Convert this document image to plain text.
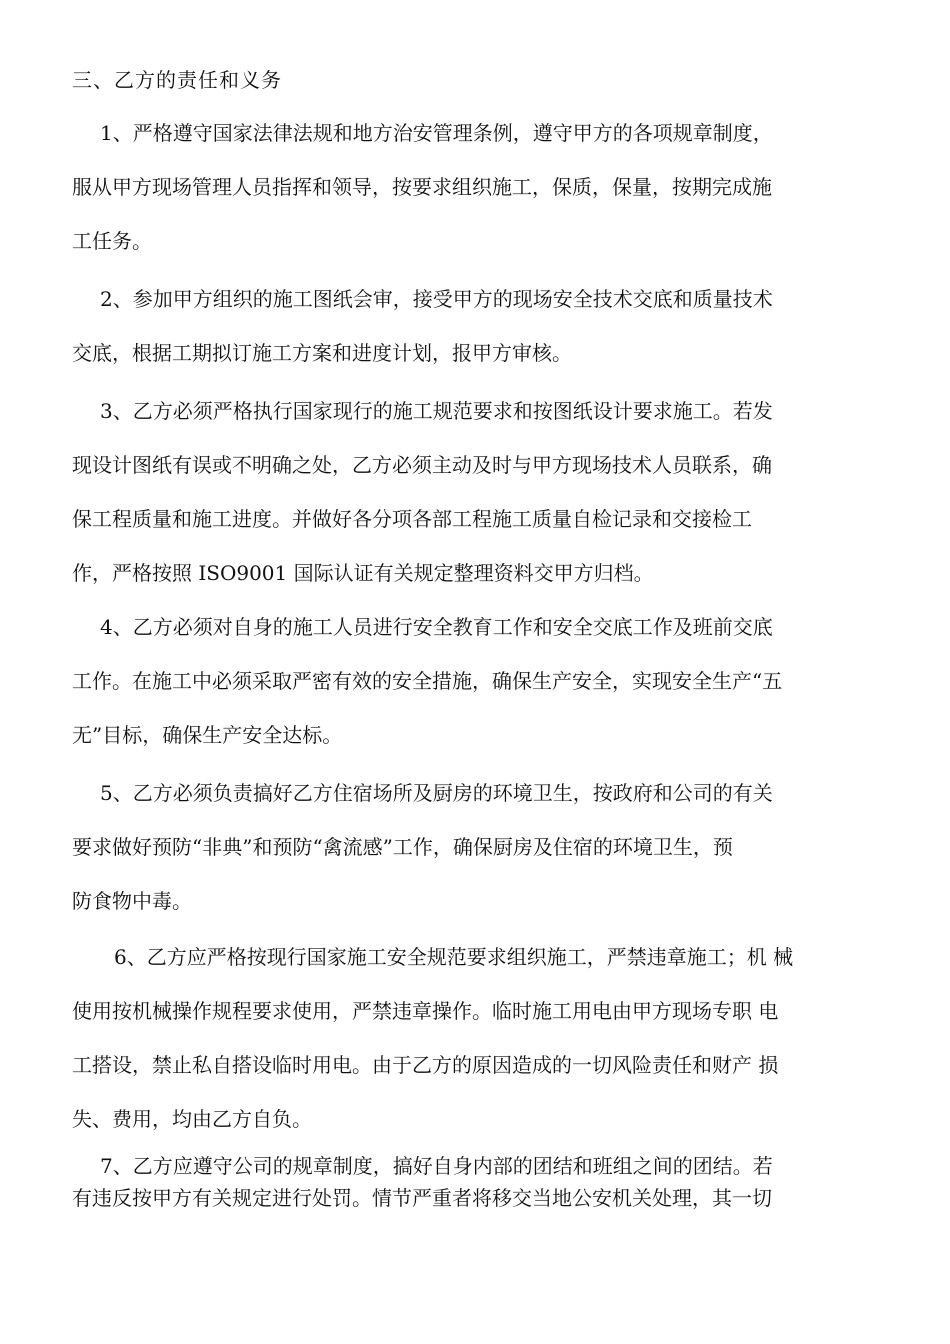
三、乙方的责任和义务
1、严格遵守国家法律法规和地方治安管理条例，遵守甲方的各项规章制度，
服从甲方现场管理人员指挥和领导，按要求组织施工，保质，保量，按期完成施
工任务。
2、参加甲方组织的施工图纸会审，接受甲方的现场安全技术交底和质量技术
交底，根据工期拟订施工方案和进度计划，报甲方审核。
3、乙方必须严格执行国家现行的施工规范要求和按图纸设计要求施工。若发
现设计图纸有误或不明确之处，乙方必须主动及时与甲方现场技术人员联系，确
保工程质量和施工进度。并做好各分项各部工程施工质量自检记录和交接检工
作，严格按照 ISO9001 国际认证有关规定整理资料交甲方归档。
4、乙方必须对自身的施工人员进行安全教育工作和安全交底工作及班前交底
工作。在施工中必须采取严密有效的安全措施，确保生产安全，实现安全生产“五
无”目标，确保生产安全达标。
5、乙方必须负责搞好乙方住宿场所及厨房的环境卫生，按政府和公司的有关
要求做好预防“非典”和预防“禽流感”工作，确保厨房及住宿的环境卫生，预
防食物中毒。
6、乙方应严格按现行国家施工安全规范要求组织施工，严禁违章施工；机 械
使用按机械操作规程要求使用，严禁违章操作。临时施工用电由甲方现场专职 电
工搭设，禁止私自搭设临时用电。由于乙方的原因造成的一切风险责任和财产 损
失、费用，均由乙方自负。
7、乙方应遵守公司的规章制度，搞好自身内部的团结和班组之间的团结。若
有违反按甲方有关规定进行处罚。情节严重者将移交当地公安机关处理，其一切
